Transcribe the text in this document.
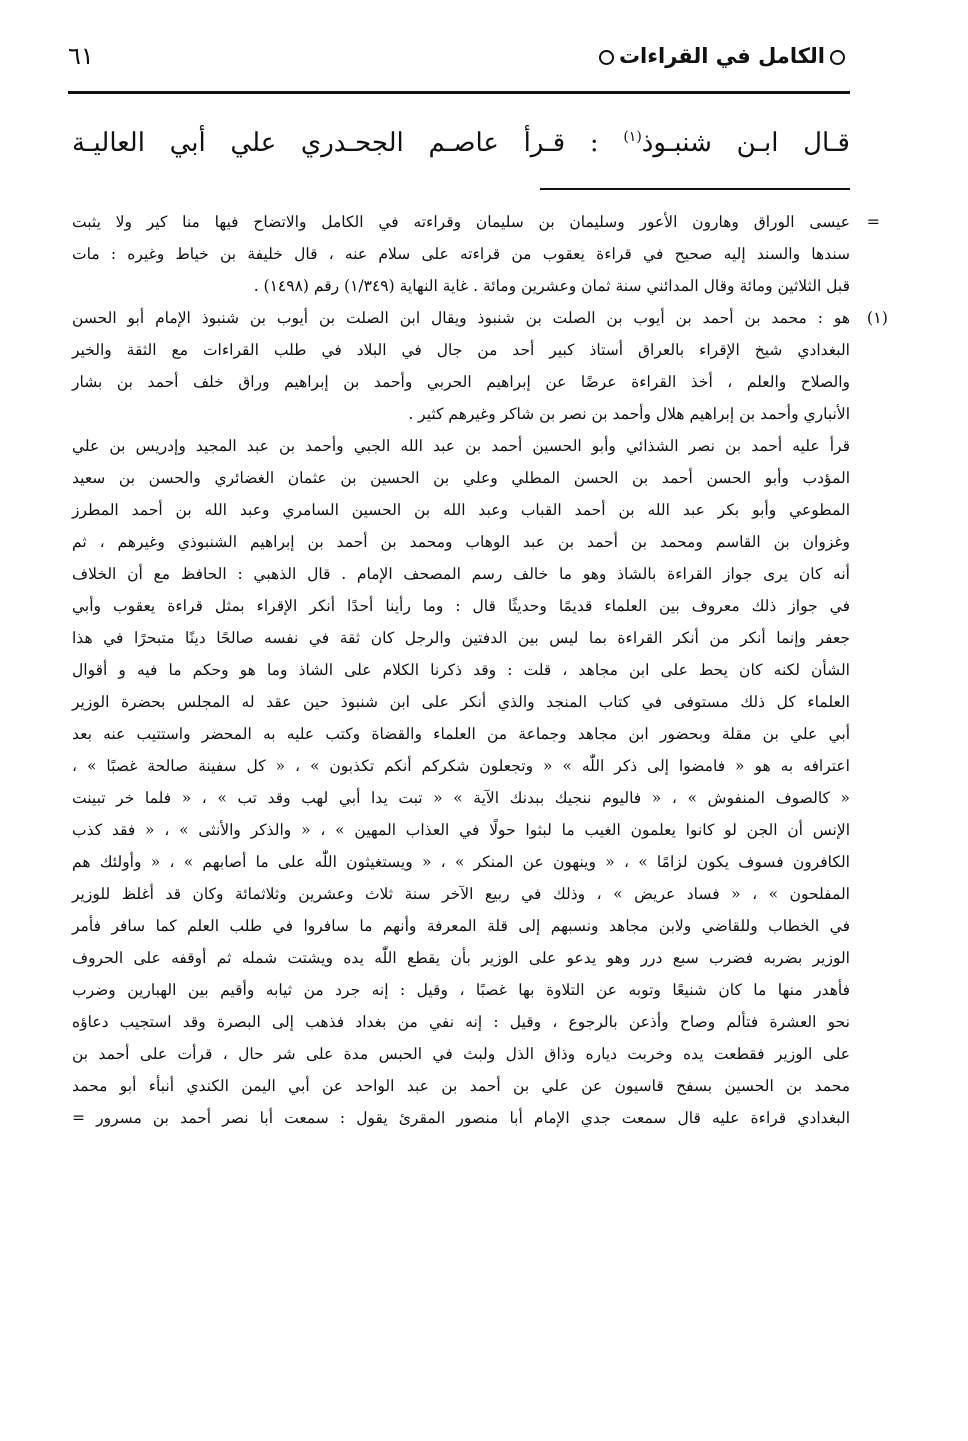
الكامل في القراءات
٦١
قـال ابـن شنبـوذ$^{(١)}$ : قـرأ عاصـم الجحـدري علي أبي العاليـة
=
عيسى الوراق وهارون الأعور وسليمان بن سليمان وقراءته في الكامل والاتضاح فيها منا كير ولا يثبت
سندها والسند إليه صحيح في قراءة يعقوب من قراءته على سلام عنه ، قال خليفة بن خياط وغيره : مات
قبل الثلاثين ومائة وقال المدائني سنة ثمان وعشرين ومائة . غاية النهاية (١/٣٤٩) رقم (١٤٩٨) .
(١)
هو : محمد بن أحمد بن أيوب بن الصلت بن شنبوذ ويقال ابن الصلت بن أيوب بن شنبوذ الإمام أبو الحسن
البغدادي شيخ الإقراء بالعراق أستاذ كبير أحد من جال في البلاد في طلب القراءات مع الثقة والخير
والصلاح والعلم ، أخذ القراءة عرضًا عن إبراهيم الحربي وأحمد بن إبراهيم وراق خلف أحمد بن بشار
الأنباري وأحمد بن إبراهيم هلال وأحمد بن نصر بن شاكر وغيرهم كثير .
قرأ عليه أحمد بن نصر الشذائي وأبو الحسين أحمد بن عبد الله الجبي وأحمد بن عبد المجيد وإدريس بن علي
المؤدب وأبو الحسن أحمد بن الحسن المطلي وعلي بن الحسين بن عثمان الغضائري والحسن بن سعيد
المطوعي وأبو بكر عبد الله بن أحمد القباب وعبد الله بن الحسين السامري وعبد الله بن أحمد المطرز
وغزوان بن القاسم ومحمد بن أحمد بن عبد الوهاب ومحمد بن أحمد بن إبراهيم الشنبوذي وغيرهم ، ثم
أنه كان يرى جواز القراءة بالشاذ وهو ما خالف رسم المصحف الإمام . قال الذهبي : الحافظ مع أن الخلاف
في جواز ذلك معروف بين العلماء قديمًا وحديثًا قال : وما رأينا أحدًا أنكر الإقراء بمثل قراءة يعقوب وأبي
جعفر وإنما أنكر من أنكر القراءة بما ليس بين الدفتين والرجل كان ثقة في نفسه صالحًا دينًا متبحرًا في هذا
الشأن لكنه كان يحط على ابن مجاهد ، قلت : وقد ذكرنا الكلام على الشاذ وما هو وحكم ما فيه و أقوال
العلماء كل ذلك مستوفى في كتاب المنجد والذي أنكر على ابن شنبوذ حين عقد له المجلس بحضرة الوزير
أبي علي بن مقلة وبحضور ابن مجاهد وجماعة من العلماء والقضاة وكتب عليه به المحضر واستتيب عنه بعد
اعترافه به هو « فامضوا إلى ذكر اللّٰه » « وتجعلون شكركم أنكم تكذبون » ، « كل سفينة صالحة غصبًا » ،
« كالصوف المنفوش » ، « فاليوم ننجيك ببدنك الآية » « تبت يدا أبي لهب وقد تب » ، « فلما خر تبينت
الإنس أن الجن لو كانوا يعلمون الغيب ما لبثوا حولًا في العذاب المهين » ، « والذكر والأنثى » ، « فقد كذب
الكافرون فسوف يكون لزامًا » ، « وينهون عن المنكر » ، « ويستغيثون اللّٰه على ما أصابهم » ، « وأولئك هم
المفلحون » ، « فساد عريض » ، وذلك في ربيع الآخر سنة ثلاث وعشرين وثلاثمائة وكان قد أغلظ للوزير
في الخطاب وللقاضي ولابن مجاهد ونسبهم إلى قلة المعرفة وأنهم ما سافروا في طلب العلم كما سافر فأمر
الوزير بضربه فضرب سبع درر وهو يدعو على الوزير بأن يقطع اللّٰه يده ويشتت شمله ثم أوقفه على الحروف
فأهدر منها ما كان شنيعًا وتوبه عن التلاوة بها غصبًا ، وقيل : إنه جرد من ثيابه وأقيم بين الهبارين وضرب
نحو العشرة فتألم وصاح وأذعن بالرجوع ، وقيل : إنه نفي من بغداد فذهب إلى البصرة وقد استجيب دعاؤه
على الوزير فقطعت يده وخربت دياره وذاق الذل ولبث في الحبس مدة على شر حال ، قرأت على أحمد بن
محمد بن الحسين بسفح قاسيون عن علي بن أحمد بن عبد الواحد عن أبي اليمن الكندي أنبأء أبو محمد
البغدادي قراءة عليه قال سمعت جدي الإمام أبا منصور المقرئ يقول : سمعت أبا نصر أحمد بن مسرور =
